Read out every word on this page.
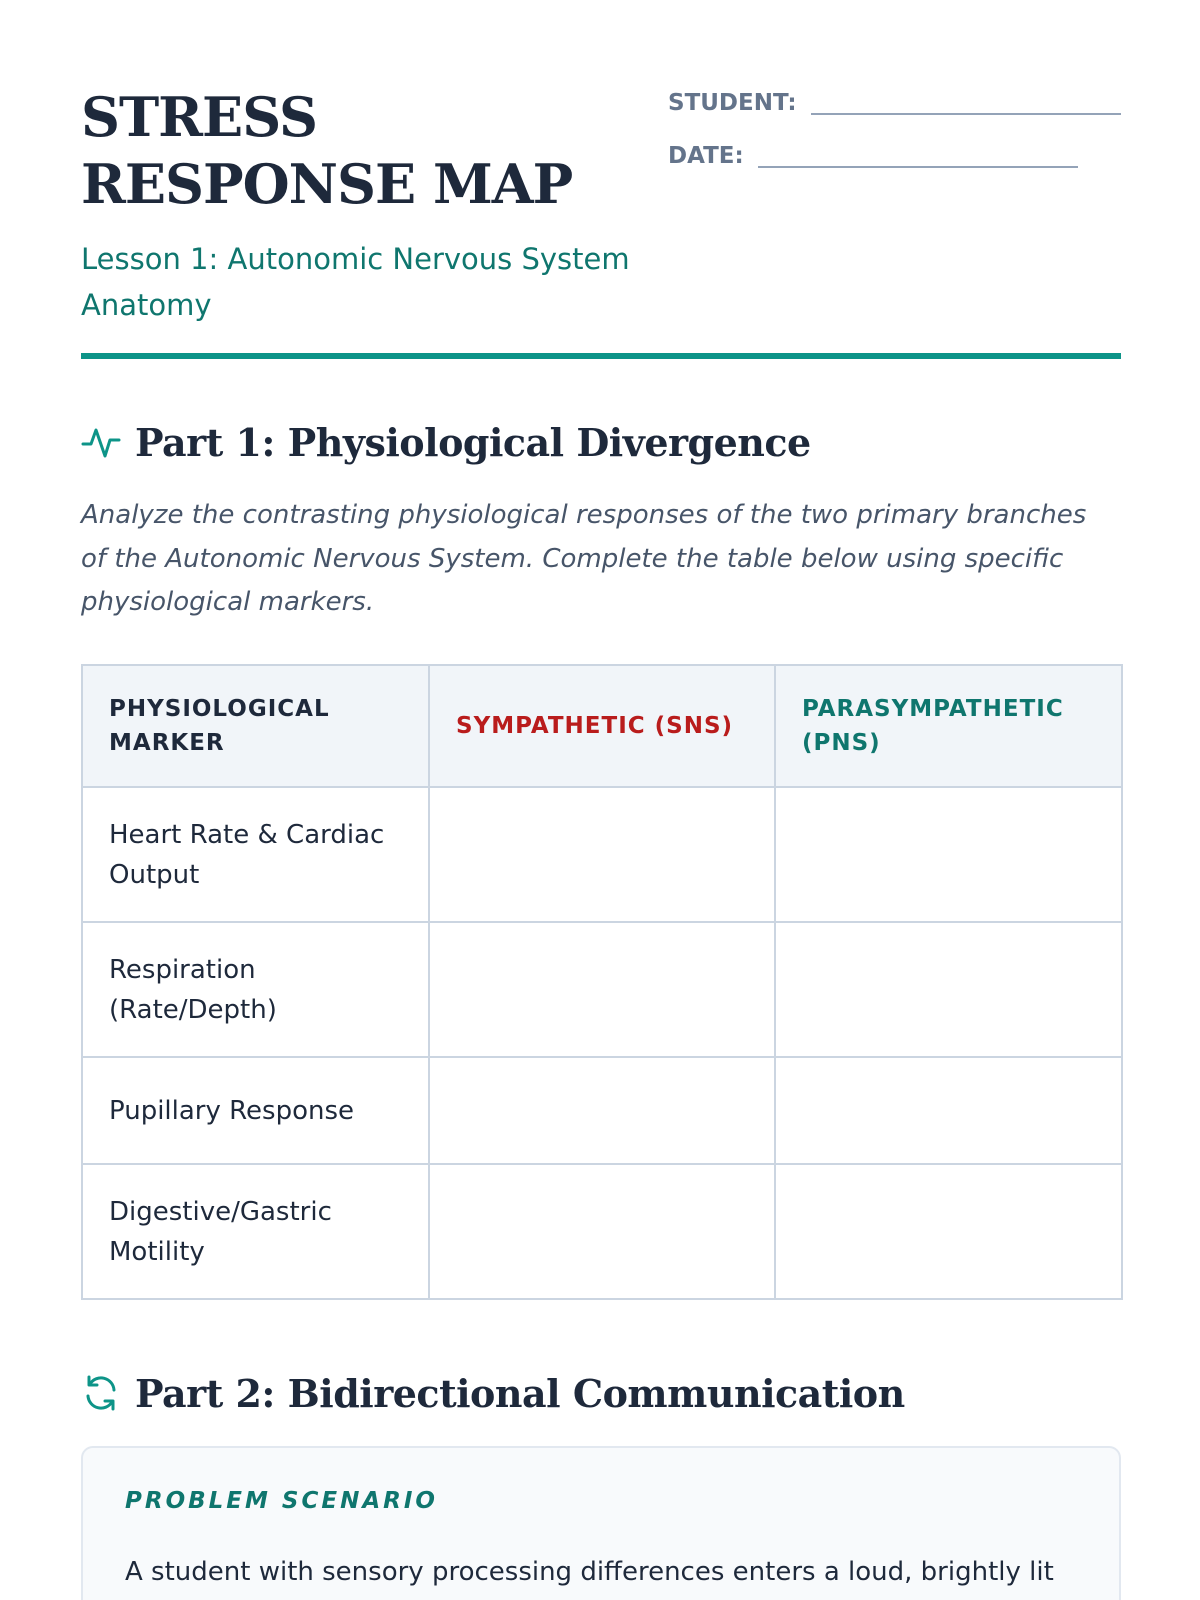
STRESS RESPONSE MAP
Lesson 1: Autonomic Nervous System Anatomy
STUDENT:
DATE:
Part 1: Physiological Divergence

Analyze the contrasting physiological responses of the two primary branches of the Autonomic Nervous System. Complete the table below using specific physiological markers.

PHYSIOLOGICAL MARKER	SYMPATHETIC (SNS)	PARASYMPATHETIC (PNS)
Heart Rate & Cardiac Output		
Respiration (Rate/Depth)		
Pupillary Response		
Digestive/Gastric Motility		
Part 2: Bidirectional Communication
PROBLEM SCENARIO

A student with sensory processing differences enters a loud, brightly lit
